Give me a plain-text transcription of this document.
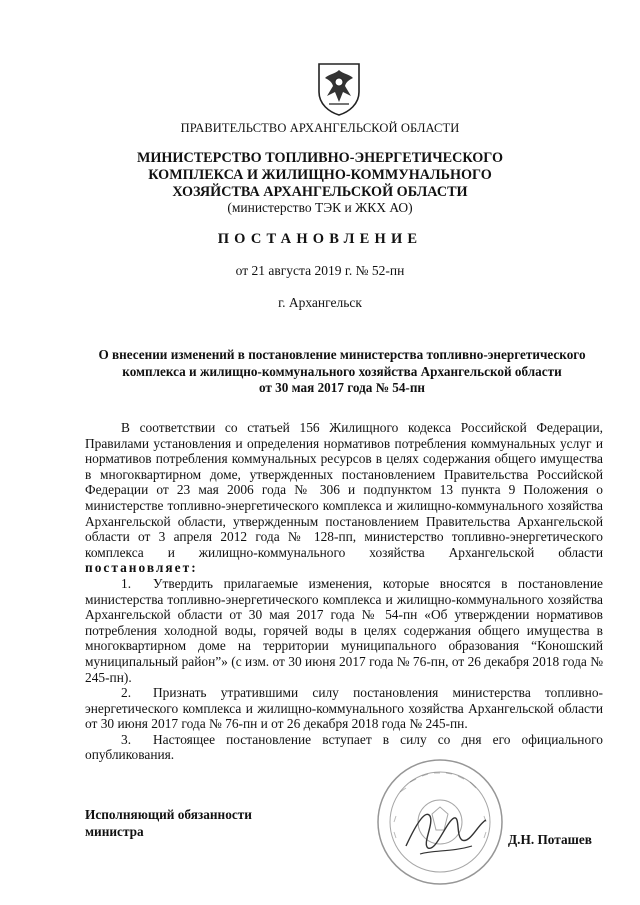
ПРАВИТЕЛЬСТВО АРХАНГЕЛЬСКОЙ ОБЛАСТИ
МИНИСТЕРСТВО ТОПЛИВНО-ЭНЕРГЕТИЧЕСКОГО
КОМПЛЕКСА И ЖИЛИЩНО-КОММУНАЛЬНОГО
ХОЗЯЙСТВА АРХАНГЕЛЬСКОЙ ОБЛАСТИ
(министерство ТЭК и ЖКХ АО)
ПОСТАНОВЛЕНИЕ
от 21 августа 2019 г. № 52-пн
г. Архангельск
О внесении изменений в постановление министерства топливно-энергетического
комплекса и жилищно-коммунального хозяйства Архангельской области
от 30 мая 2017 года № 54-пн

В соответствии со статьей 156 Жилищного кодекса Российской Федерации, Правилами установления и определения нормативов потребления коммунальных услуг и нормативов потребления коммунальных ресурсов в целях содержания общего имущества в многоквартирном доме, утвержденных постановлением Правительства Российской Федерации от 23 мая 2006 года № 306 и подпунктом 13 пункта 9 Положения о министерстве топливно-энергетического комплекса и жилищно-коммунального хозяйства Архангельской области, утвержденным постановлением Правительства Архангельской области от 3 апреля 2012 года № 128-пп, министерство топливно-энергетического комплекса и жилищно-коммунального хозяйства Архангельской области постановляет:

1. Утвердить прилагаемые изменения, которые вносятся в постановление министерства топливно-энергетического комплекса и жилищно-коммунального хозяйства Архангельской области от 30 мая 2017 года № 54-пн «Об утверждении нормативов потребления холодной воды, горячей воды в целях содержания общего имущества в многоквартирном доме на территории муниципального образования “Коношский муниципальный район”» (с изм. от 30 июня 2017 года № 76-пн, от 26 декабря 2018 года № 245-пн).

2. Признать утратившими силу постановления министерства топливно-энергетического комплекса и жилищно-коммунального хозяйства Архангельской области от 30 июня 2017 года № 76-пн и от 26 декабря 2018 года № 245-пн.

3. Настоящее постановление вступает в силу со дня его официального опубликования.

Исполняющий обязанности
министра
Д.Н. Поташев
